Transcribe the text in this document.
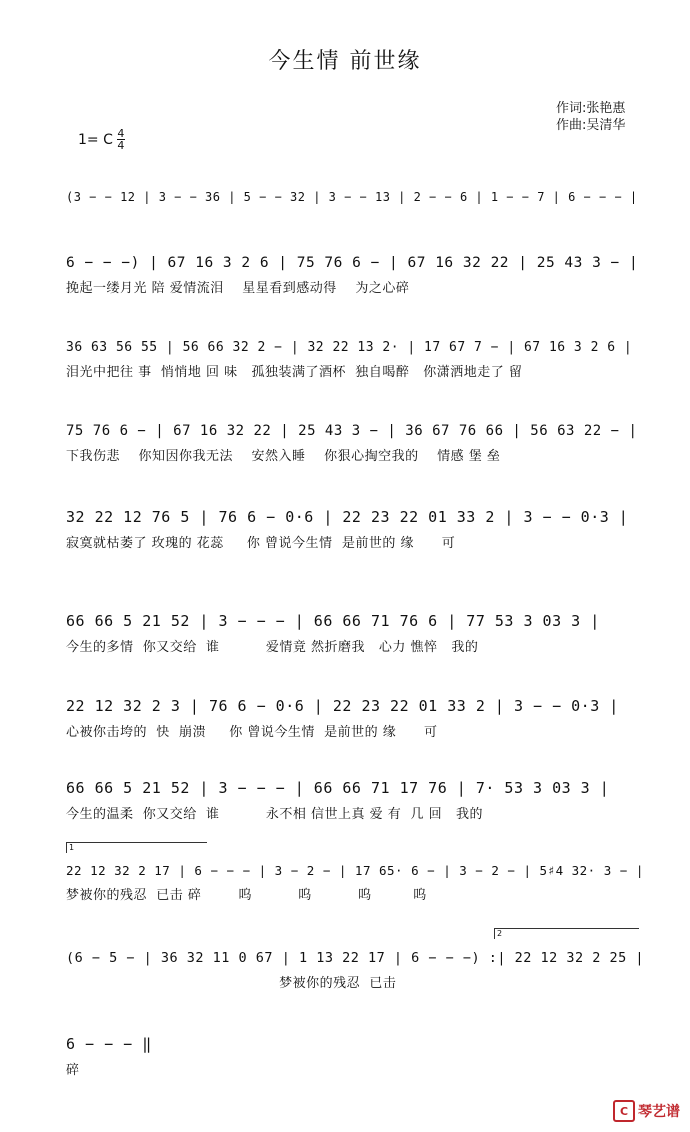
今生情 前世缘
作词:张艳惠
作曲:吴清华
1= C $\frac{4}{4}$
(3 − − 12 | 3 − − 36 | 5 − − 32 | 3 − − 13 | 2 − − 6 | 1 − − 7 | 6 − − − |
6 − − −) | 67 16 3 2 6 | 75 76 6 − | 67 16 32 22 | 25 43 3 − |
挽起一缕月光 陪 爱情流泪    星星看到感动得    为之心碎
36 63 56 55 | 56 66 32 2 − | 32 22 13 2· | 17 67 7 − | 67 16 3 2 6 |
泪光中把往 事  悄悄地 回 味   孤独装满了酒杯  独自喝醉   你潇洒地走了 留
75 76 6 − | 67 16 32 22 | 25 43 3 − | 36 67 76 66 | 56 63 22 − |
下我伤悲    你知因你我无法    安然入睡    你狠心掏空我的    情感 堡 垒
32 22 12 76 5 | 76 6 − 0·6 | 22 23 22 01 33 2 | 3 − − 0·3 |
寂寞就枯萎了 玫瑰的 花蕊     你 曾说今生情  是前世的 缘      可
66 66 5 21 52 | 3 − − − | 66 66 71 76 6 | 77 53 3 03 3 |
今生的多情  你又交给  谁          爱情竟 然折磨我   心力 憔悴   我的
22 12 32 2 3 | 76 6 − 0·6 | 22 23 22 01 33 2 | 3 − − 0·3 |
心被你击垮的  快  崩溃     你 曾说今生情  是前世的 缘      可
66 66 5 21 52 | 3 − − − | 66 66 71 17 76 | 7· 53 3 03 3 |
今生的温柔  你又交给  谁          永不相 信世上真 爱 有  几 回   我的
22 12 32 2 17 | 6 − − − | 3 − 2 − | 17 65· 6 − | 3 − 2 − | 5♯4 32· 3 − |
梦被你的残忍  已击 碎        呜          呜          呜         呜
(6 − 5 − | 36 32 11 0 67 | 1 13 22 17 | 6 − − −) :| 22 12 32 2 25 |
梦被你的残忍  已击
6 − − − ‖
碎
1
2
C 琴艺谱
